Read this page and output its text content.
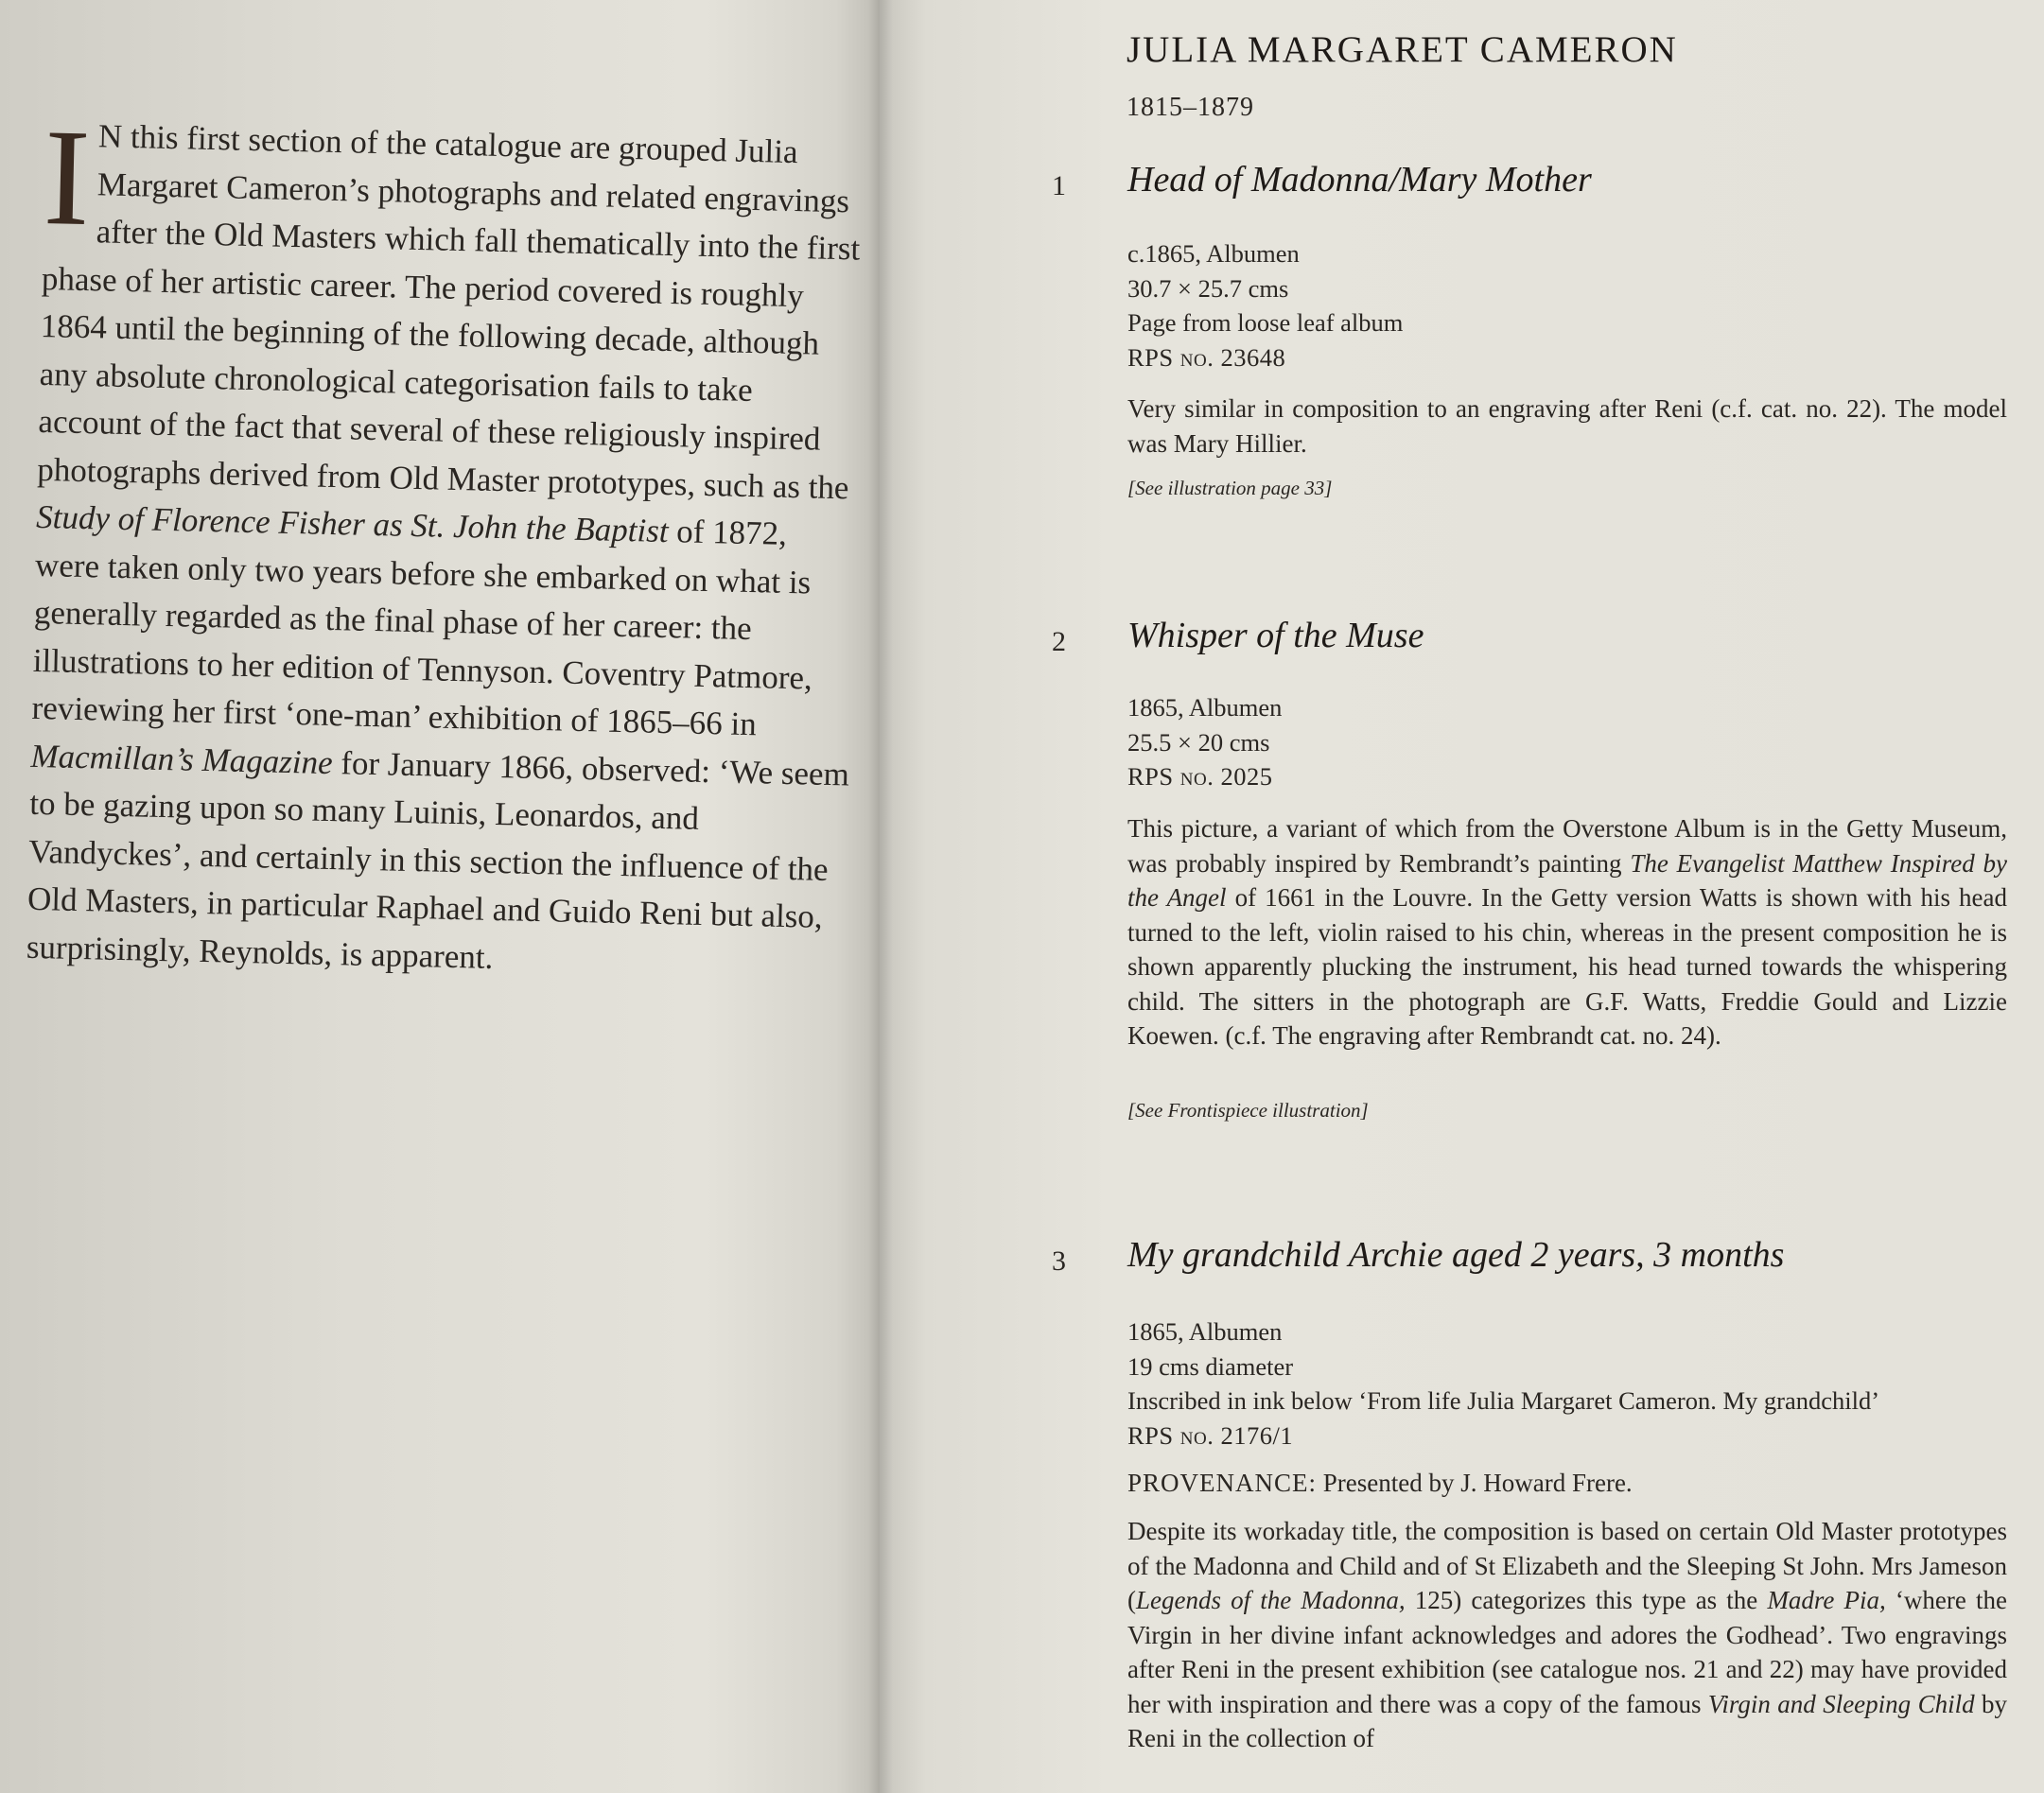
I N this first section of the catalogue are grouped Julia Margaret Cameron’s photographs and related engravings after the Old Masters which fall thematically into the first phase of her artistic career. The period covered is roughly 1864 until the beginning of the following decade, although any absolute chronological categorisation fails to take account of the fact that several of these religiously inspired photographs derived from Old Master prototypes, such as the Study of Florence Fisher as St. John the Baptist of 1872, were taken only two years before she embarked on what is generally regarded as the final phase of her career: the illustrations to her edition of Tennyson. Coventry Patmore, reviewing her first ‘one-man’ exhibition of 1865–66 in Macmillan’s Magazine for January 1866, observed: ‘We seem to be gazing upon so many Luinis, Leonardos, and Vandyckes’, and certainly in this section the influence of the Old Masters, in particular Raphael and Guido Reni but also, surprisingly, Reynolds, is apparent.

JULIA MARGARET CAMERON
1815–1879
1 Head of Madonna/Mary Mother
c.1865, Albumen
30.7 × 25.7 cms
Page from loose leaf album
RPS no. 23648

Very similar in composition to an engraving after Reni (c.f. cat. no. 22). The model was Mary Hillier.

[See illustration page 33]
2 Whisper of the Muse
1865, Albumen
25.5 × 20 cms
RPS no. 2025

This picture, a variant of which from the Overstone Album is in the Getty Museum, was probably inspired by Rembrandt’s painting The Evangelist Matthew Inspired by the Angel of 1661 in the Louvre. In the Getty version Watts is shown with his head turned to the left, violin raised to his chin, whereas in the present composition he is shown apparently plucking the instrument, his head turned towards the whispering child. The sitters in the photograph are G.F. Watts, Freddie Gould and Lizzie Koewen. (c.f. The engraving after Rembrandt cat. no. 24).

[See Frontispiece illustration]
3 My grandchild Archie aged 2 years, 3 months
1865, Albumen
19 cms diameter
Inscribed in ink below ‘From life Julia Margaret Cameron. My grandchild’
RPS no. 2176/1
PROVENANCE: Presented by J. Howard Frere.

Despite its workaday title, the composition is based on certain Old Master prototypes of the Madonna and Child and of St Elizabeth and the Sleeping St John. Mrs Jameson (Legends of the Madonna, 125) categorizes this type as the Madre Pia, ‘where the Virgin in her divine infant acknowledges and adores the Godhead’. Two engravings after Reni in the present exhibition (see catalogue nos. 21 and 22) may have provided her with inspiration and there was a copy of the famous Virgin and Sleeping Child by Reni in the collection of
